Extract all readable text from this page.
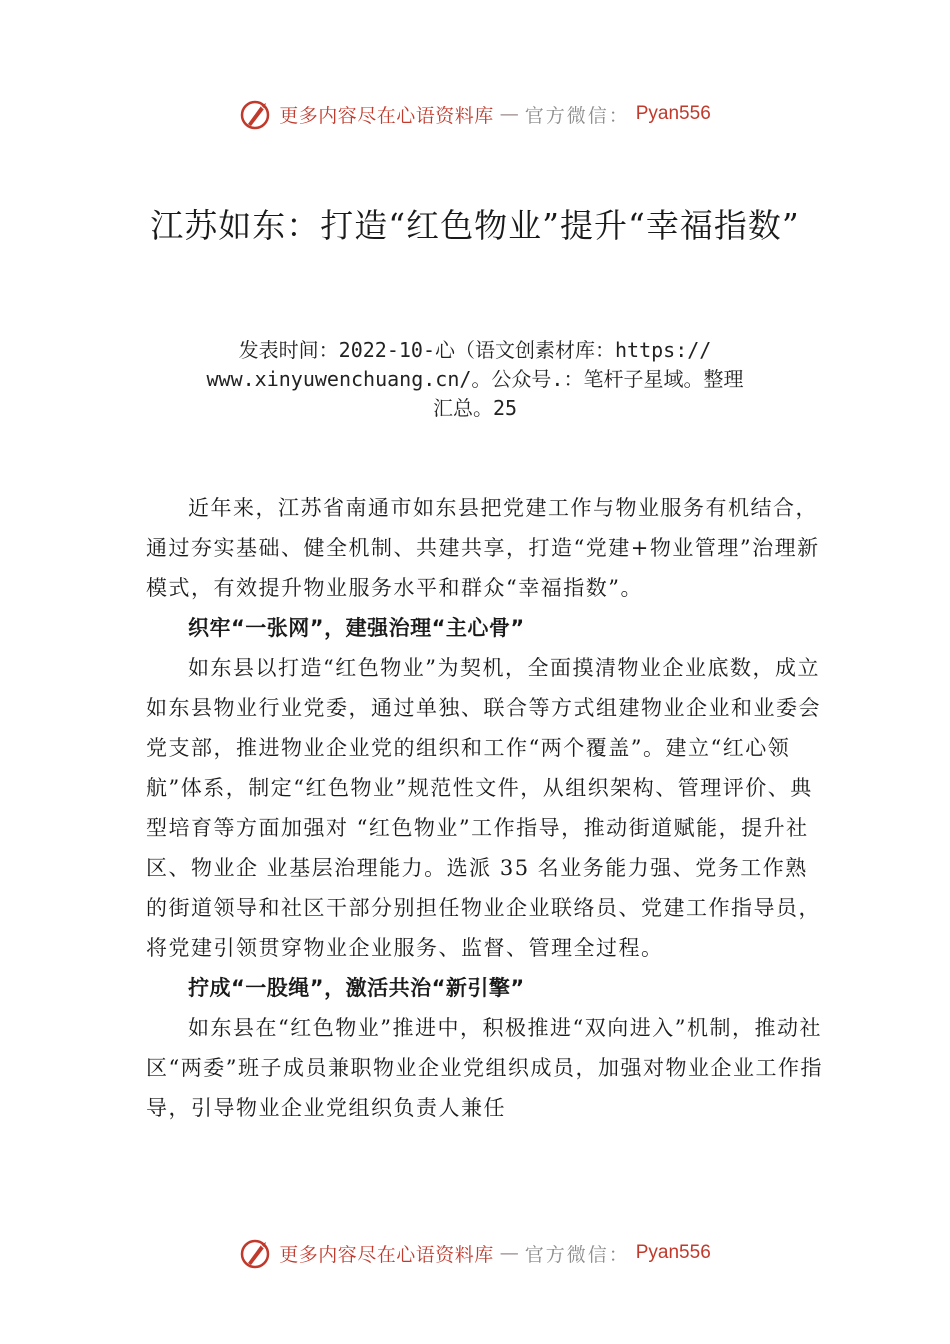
更多内容尽在心语资料库 — 官方微信： Pyan556
江苏如东：打造“红色物业”提升“幸福指数”
发表时间：2022-10-心（语文创素材库：https://
www.xinyuwenchuang.cn/。公众号.：笔杆子星域。整理
汇总。25

近年来，江苏省南通市如东县把党建工作与物业服务有机结合，通过夯实基础、健全机制、共建共享，打造“党建+物业管理”治理新模式，有效提升物业服务水平和群众“幸福指数”。

织牢“一张网”，建强治理“主心骨”

如东县以打造“红色物业”为契机，全面摸清物业企业底数，成立如东县物业行业党委，通过单独、联合等方式组建物业企业和业委会党支部，推进物业企业党的组织和工作“两个覆盖”。建立“红心领航”体系，制定“红色物业”规范性文件，从组织架构、管理评价、典型培育等方面加强对 “红色物业”工作指导，推动街道赋能，提升社区、物业企 业基层治理能力。选派 35 名业务能力强、党务工作熟的街道领导和社区干部分别担任物业企业联络员、党建工作指导员， 将党建引领贯穿物业企业服务、监督、管理全过程。

拧成“一股绳”，激活共治“新引擎”

如东县在“红色物业”推进中，积极推进“双向进入”机制，推动社区“两委”班子成员兼职物业企业党组织成员，加强对物业企业工作指导，引导物业企业党组织负责人兼任

更多内容尽在心语资料库 — 官方微信： Pyan556
